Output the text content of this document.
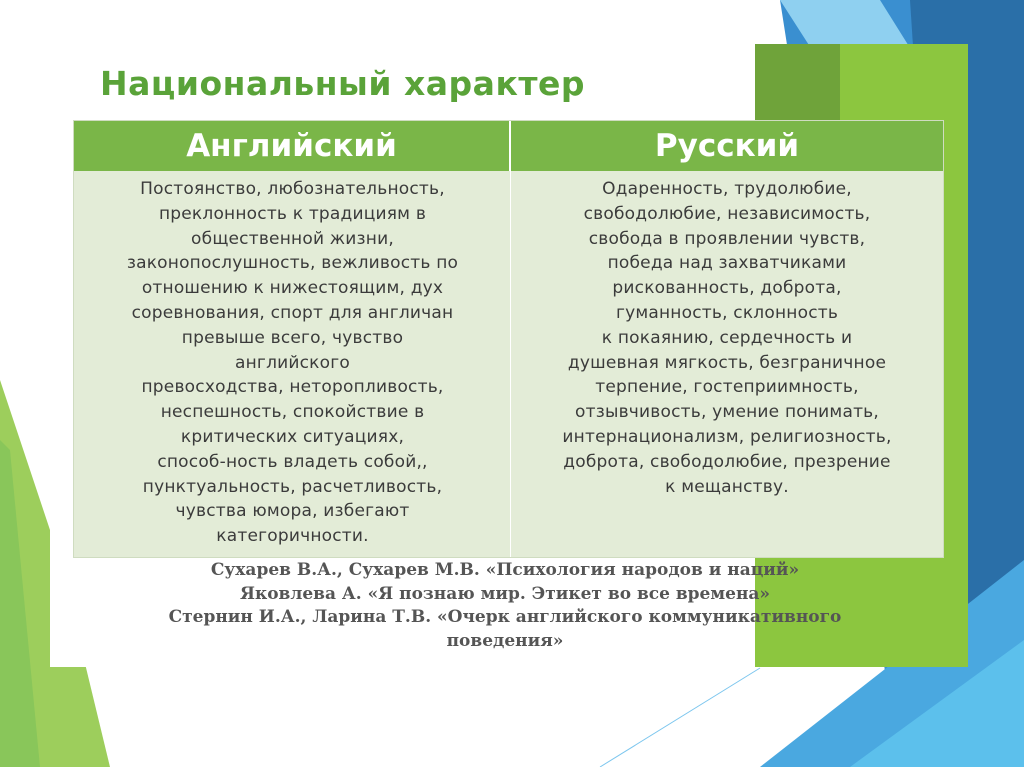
Национальный характер
Английский	Русский
Постоянство, любознательность,
преклонность к традициям в
общественной жизни,
законопослушность, вежливость по
отношению к нижестоящим, дух
соревнования, спорт для англичан
превыше всего, чувство
английского
превосходства, неторопливость,
неспешность, спокойствие в
критических ситуациях,
способ-ность владеть собой,,
пунктуальность, расчетливость,
чувства юмора, избегают
категоричности.
Одаренность, трудолюбие,
свободолюбие, независимость,
свобода в проявлении чувств,
победа над захватчиками
рискованность, доброта,
гуманность, склонность
к покаянию, сердечность и
душевная мягкость, безграничное
терпение, гостеприимность,
отзывчивость, умение понимать,
интернационализм, религиозность,
доброта, свободолюбие, презрение
к мещанству.
Сухарев В.А., Сухарев М.В. «Психология народов и наций»
Яковлева А. «Я познаю мир. Этикет во все времена»
Стернин И.А., Ларина Т.В. «Очерк английского коммуникативного
поведения»
